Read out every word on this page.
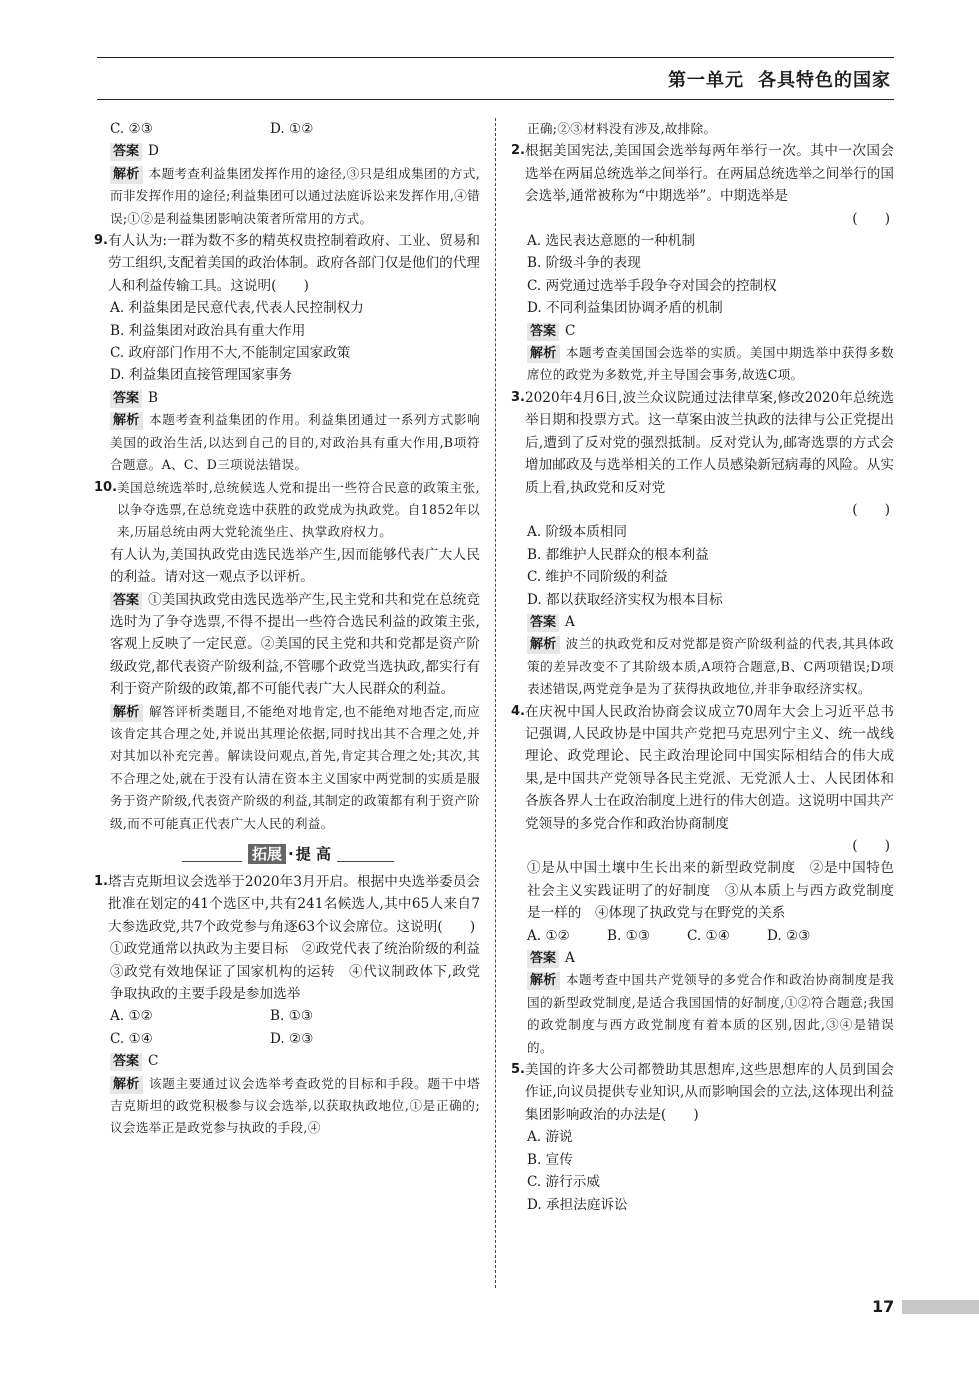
第一单元 各具特色的国家
C. ②③	D. ①②
答案 D
解析 本题考查利益集团发挥作用的途径,③只是组成集团的方式,而非发挥作用的途径;利益集团可以通过法庭诉讼来发挥作用,④错误;①②是利益集团影响决策者所常用的方式。
9. 有人认为:一群为数不多的精英权贵控制着政府、工业、贸易和劳工组织,支配着美国的政治体制。政府各部门仅是他们的代理人和利益传输工具。这说明(　　)
A. 利益集团是民意代表,代表人民控制权力
B. 利益集团对政治具有重大作用
C. 政府部门作用不大,不能制定国家政策
D. 利益集团直接管理国家事务
答案 B
解析 本题考查利益集团的作用。利益集团通过一系列方式影响美国的政治生活,以达到自己的目的,对政治具有重大作用,B项符合题意。A、C、D三项说法错误。
10. 美国总统选举时,总统候选人党和提出一些符合民意的政策主张,以争夺选票,在总统竞选中获胜的政党成为执政党。自1852年以来,历届总统由两大党轮流坐庄、执掌政府权力。
有人认为,美国执政党由选民选举产生,因而能够代表广大人民的利益。请对这一观点予以评析。
答案 ①美国执政党由选民选举产生,民主党和共和党在总统竞选时为了争夺选票,不得不提出一些符合选民利益的政策主张,客观上反映了一定民意。②美国的民主党和共和党都是资产阶级政党,都代表资产阶级利益,不管哪个政党当选执政,都实行有利于资产阶级的政策,都不可能代表广大人民群众的利益。
解析 解答评析类题目,不能绝对地肯定,也不能绝对地否定,而应该肯定其合理之处,并说出其理论依据,同时找出其不合理之处,并对其加以补充完善。解读设问观点,首先,肯定其合理之处;其次,其不合理之处,就在于没有认清在资本主义国家中两党制的实质是服务于资产阶级,代表资产阶级的利益,其制定的政策都有利于资产阶级,而不可能真正代表广大人民的利益。
拓展 · 提 高
1. 塔吉克斯坦议会选举于2020年3月开启。根据中央选举委员会批准在划定的41个选区中,共有241名候选人,其中65人来自7大参选政党,共7个政党参与角逐63个议会席位。这说明(　　)
①政党通常以执政为主要目标　②政党代表了统治阶级的利益　③政党有效地保证了国家机构的运转　④代议制政体下,政党争取执政的主要手段是参加选举
A. ①②	B. ①③
C. ①④	D. ②③
答案 C
解析 该题主要通过议会选举考查政党的目标和手段。题干中塔吉克斯坦的政党积极参与议会选举,以获取执政地位,①是正确的;议会选举正是政党参与执政的手段,④
正确;②③材料没有涉及,故排除。
2. 根据美国宪法,美国国会选举每两年举行一次。其中一次国会选举在两届总统选举之间举行。在两届总统选举之间举行的国会选举,通常被称为“中期选举”。中期选举是
(　　)
A. 选民表达意愿的一种机制
B. 阶级斗争的表现
C. 两党通过选举手段争夺对国会的控制权
D. 不同利益集团协调矛盾的机制
答案 C
解析 本题考查美国国会选举的实质。美国中期选举中获得多数席位的政党为多数党,并主导国会事务,故选C项。
3. 2020年4月6日,波兰众议院通过法律草案,修改2020年总统选举日期和投票方式。这一草案由波兰执政的法律与公正党提出后,遭到了反对党的强烈抵制。反对党认为,邮寄选票的方式会增加邮政及与选举相关的工作人员感染新冠病毒的风险。从实质上看,执政党和反对党
(　　)
A. 阶级本质相同
B. 都维护人民群众的根本利益
C. 维护不同阶级的利益
D. 都以获取经济实权为根本目标
答案 A
解析 波兰的执政党和反对党都是资产阶级利益的代表,其具体政策的差异改变不了其阶级本质,A项符合题意,B、C两项错误;D项表述错误,两党竞争是为了获得执政地位,并非争取经济实权。
4. 在庆祝中国人民政治协商会议成立70周年大会上习近平总书记强调,人民政协是中国共产党把马克思列宁主义、统一战线理论、政党理论、民主政治理论同中国实际相结合的伟大成果,是中国共产党领导各民主党派、无党派人士、人民团体和各族各界人士在政治制度上进行的伟大创造。这说明中国共产党领导的多党合作和政治协商制度
(　　)
①是从中国土壤中生长出来的新型政党制度　②是中国特色社会主义实践证明了的好制度　③从本质上与西方政党制度是一样的　④体现了执政党与在野党的关系
A. ①②	B. ①③	C. ①④	D. ②③
答案 A
解析 本题考查中国共产党领导的多党合作和政治协商制度是我国的新型政党制度,是适合我国国情的好制度,①②符合题意;我国的政党制度与西方政党制度有着本质的区别,因此,③④是错误的。
5. 美国的许多大公司都赞助其思想库,这些思想库的人员到国会作证,向议员提供专业知识,从而影响国会的立法,这体现出利益集团影响政治的办法是(　　)
A. 游说
B. 宣传
C. 游行示威
D. 承担法庭诉讼
17
